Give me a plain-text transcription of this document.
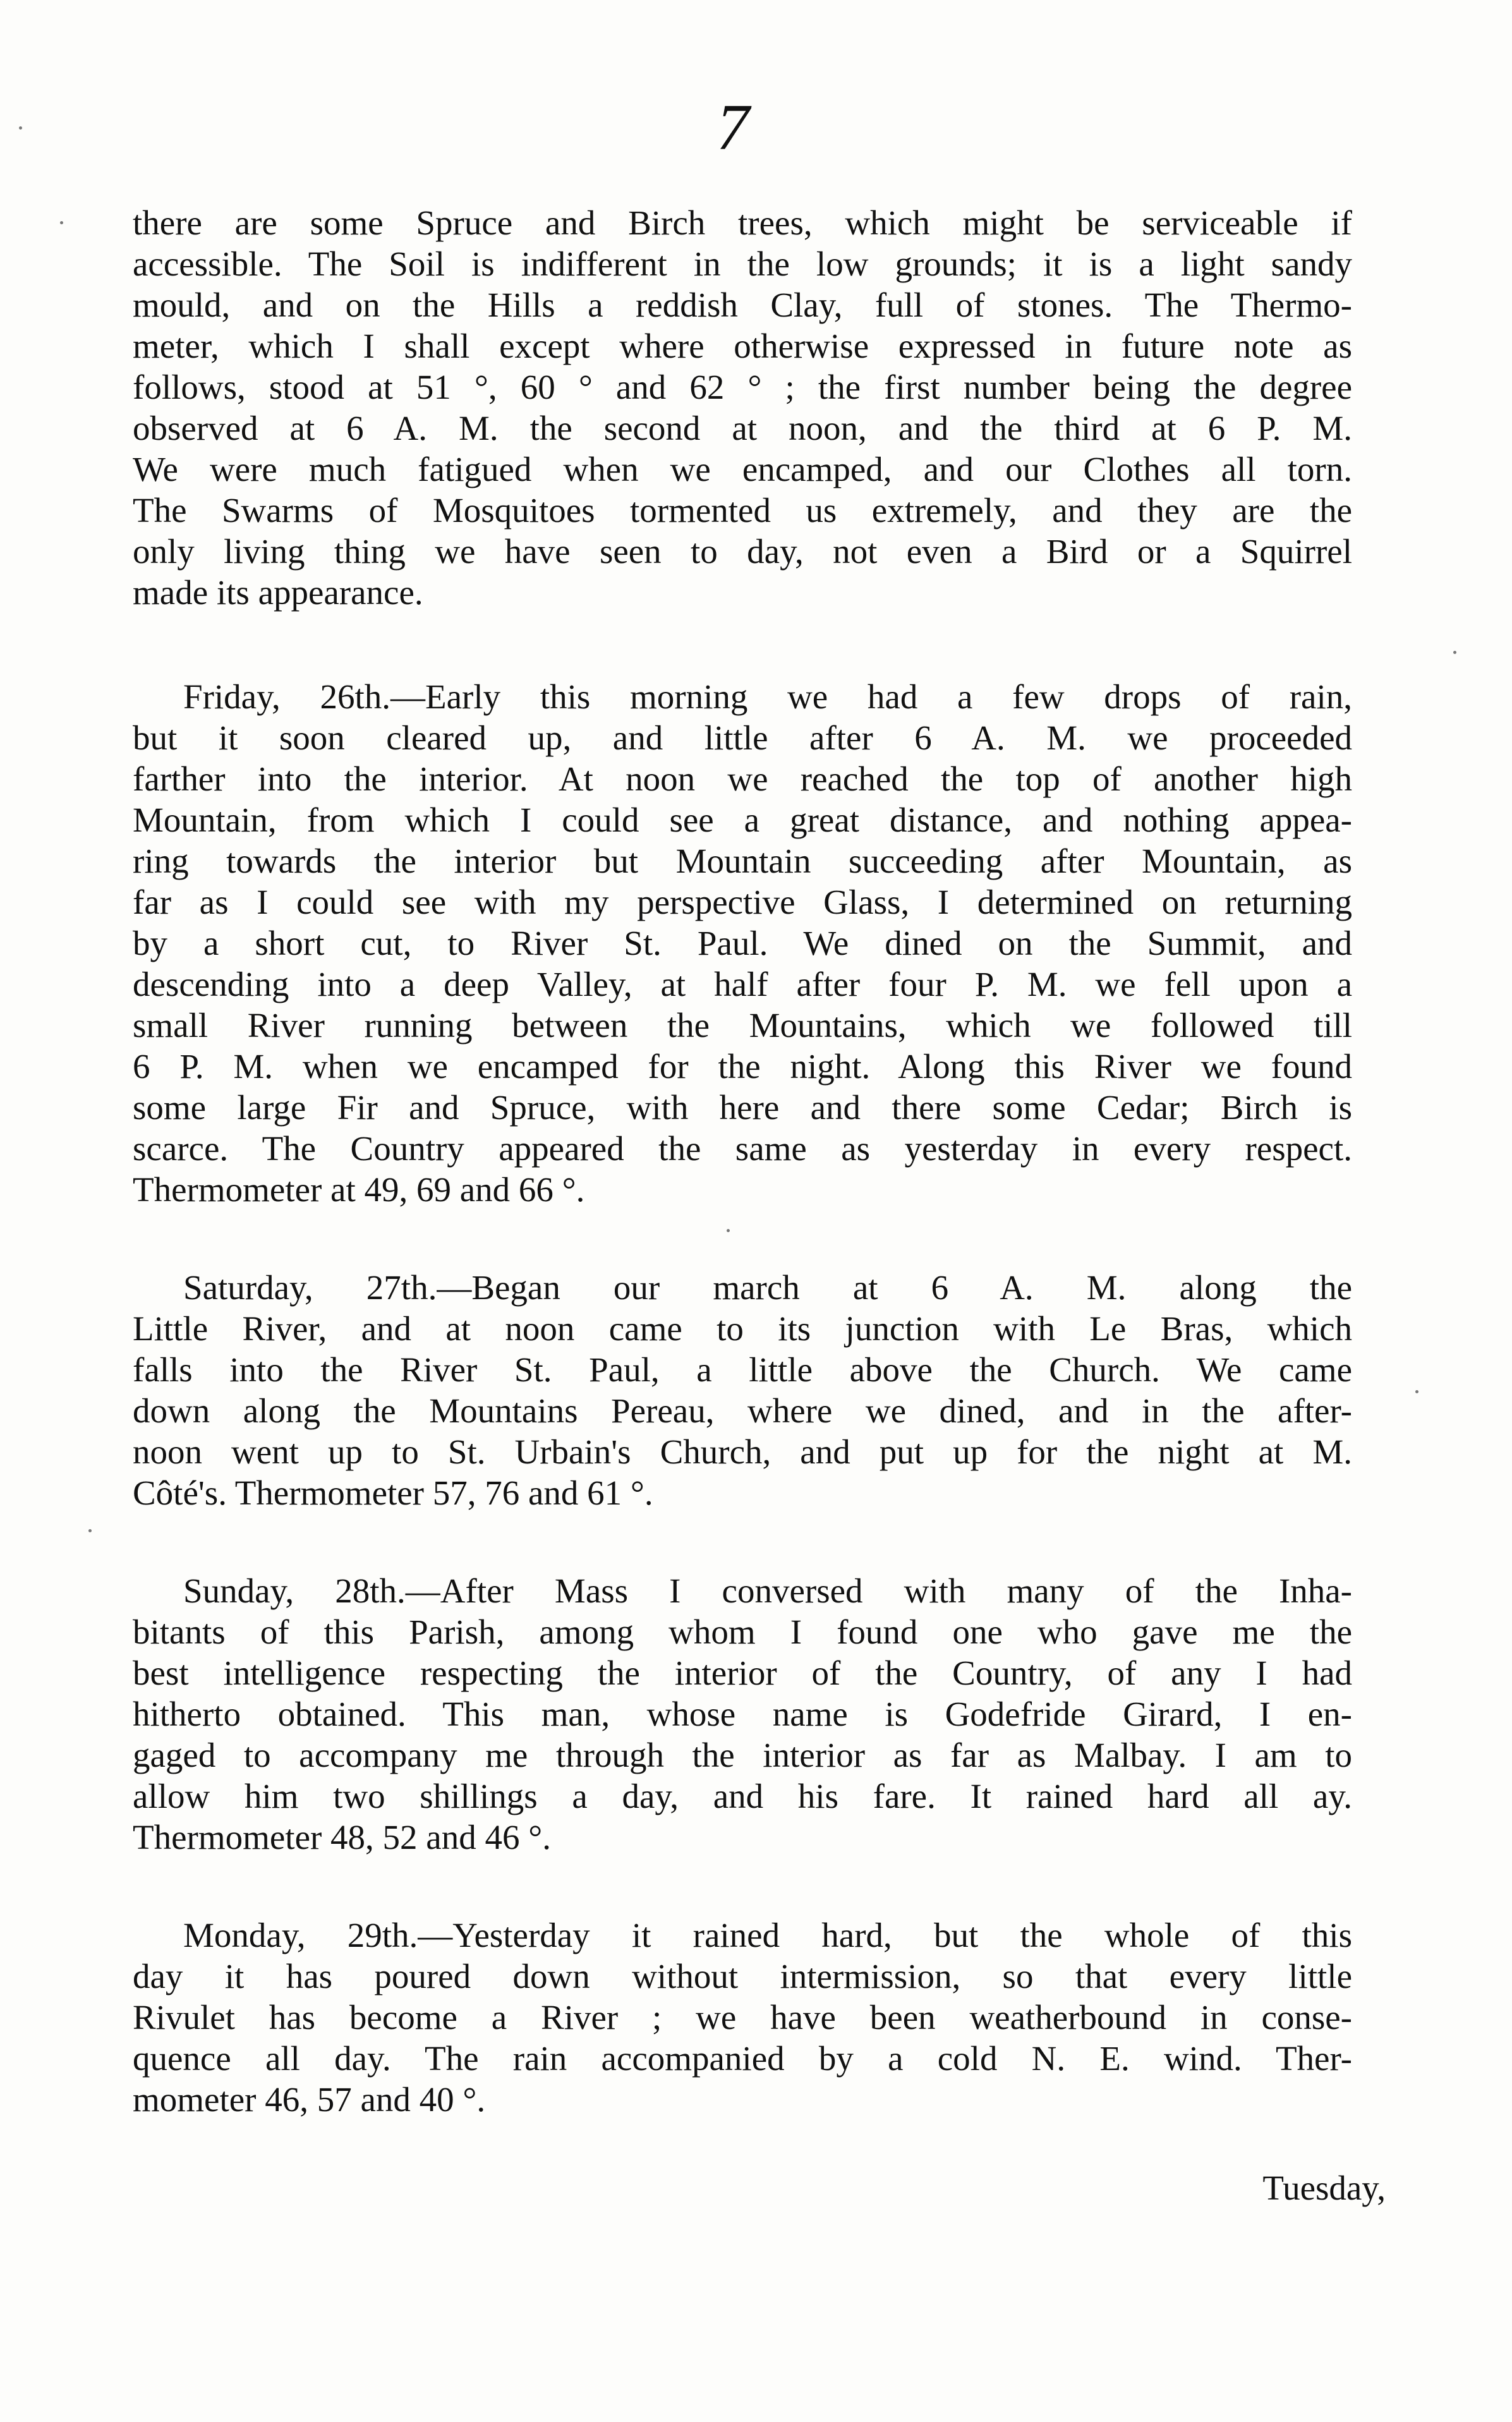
7
there are some Spruce and Birch trees, which might be serviceable if
accessible. The Soil is indifferent in the low grounds; it is a light sandy
mould, and on the Hills a reddish Clay, full of stones. The Thermo-
meter, which I shall except where otherwise expressed in future note as
follows, stood at 51 °, 60 ° and 62 ° ; the first number being the degree
observed at 6 A. M. the second at noon, and the third at 6 P. M.
We were much fatigued when we encamped, and our Clothes all torn.
The Swarms of Mosquitoes tormented us extremely, and they are the
only living thing we have seen to day, not even a Bird or a Squirrel
made its appearance.
Friday, 26th.—Early this morning we had a few drops of rain,
but it soon cleared up, and little after 6 A. M. we proceeded
farther into the interior. At noon we reached the top of another high
Mountain, from which I could see a great distance, and nothing appea-
ring towards the interior but Mountain succeeding after Mountain, as
far as I could see with my perspective Glass, I determined on returning
by a short cut, to River St. Paul. We dined on the Summit, and
descending into a deep Valley, at half after four P. M. we fell upon a
small River running between the Mountains, which we followed till
6 P. M. when we encamped for the night. Along this River we found
some large Fir and Spruce, with here and there some Cedar; Birch is
scarce. The Country appeared the same as yesterday in every respect.
Thermometer at 49, 69 and 66 °.
Saturday, 27th.—Began our march at 6 A. M. along the
Little River, and at noon came to its junction with Le Bras, which
falls into the River St. Paul, a little above the Church. We came
down along the Mountains Pereau, where we dined, and in the after-
noon went up to St. Urbain's Church, and put up for the night at M.
Côté's. Thermometer 57, 76 and 61 °.
Sunday, 28th.—After Mass I conversed with many of the Inha-
bitants of this Parish, among whom I found one who gave me the
best intelligence respecting the interior of the Country, of any I had
hitherto obtained. This man, whose name is Godefride Girard, I en-
gaged to accompany me through the interior as far as Malbay. I am to
allow him two shillings a day, and his fare. It rained hard all ay.
Thermometer 48, 52 and 46 °.
Monday, 29th.—Yesterday it rained hard, but the whole of this
day it has poured down without intermission, so that every little
Rivulet has become a River ; we have been weatherbound in conse-
quence all day. The rain accompanied by a cold N. E. wind. Ther-
mometer 46, 57 and 40 °.
Tuesday,
